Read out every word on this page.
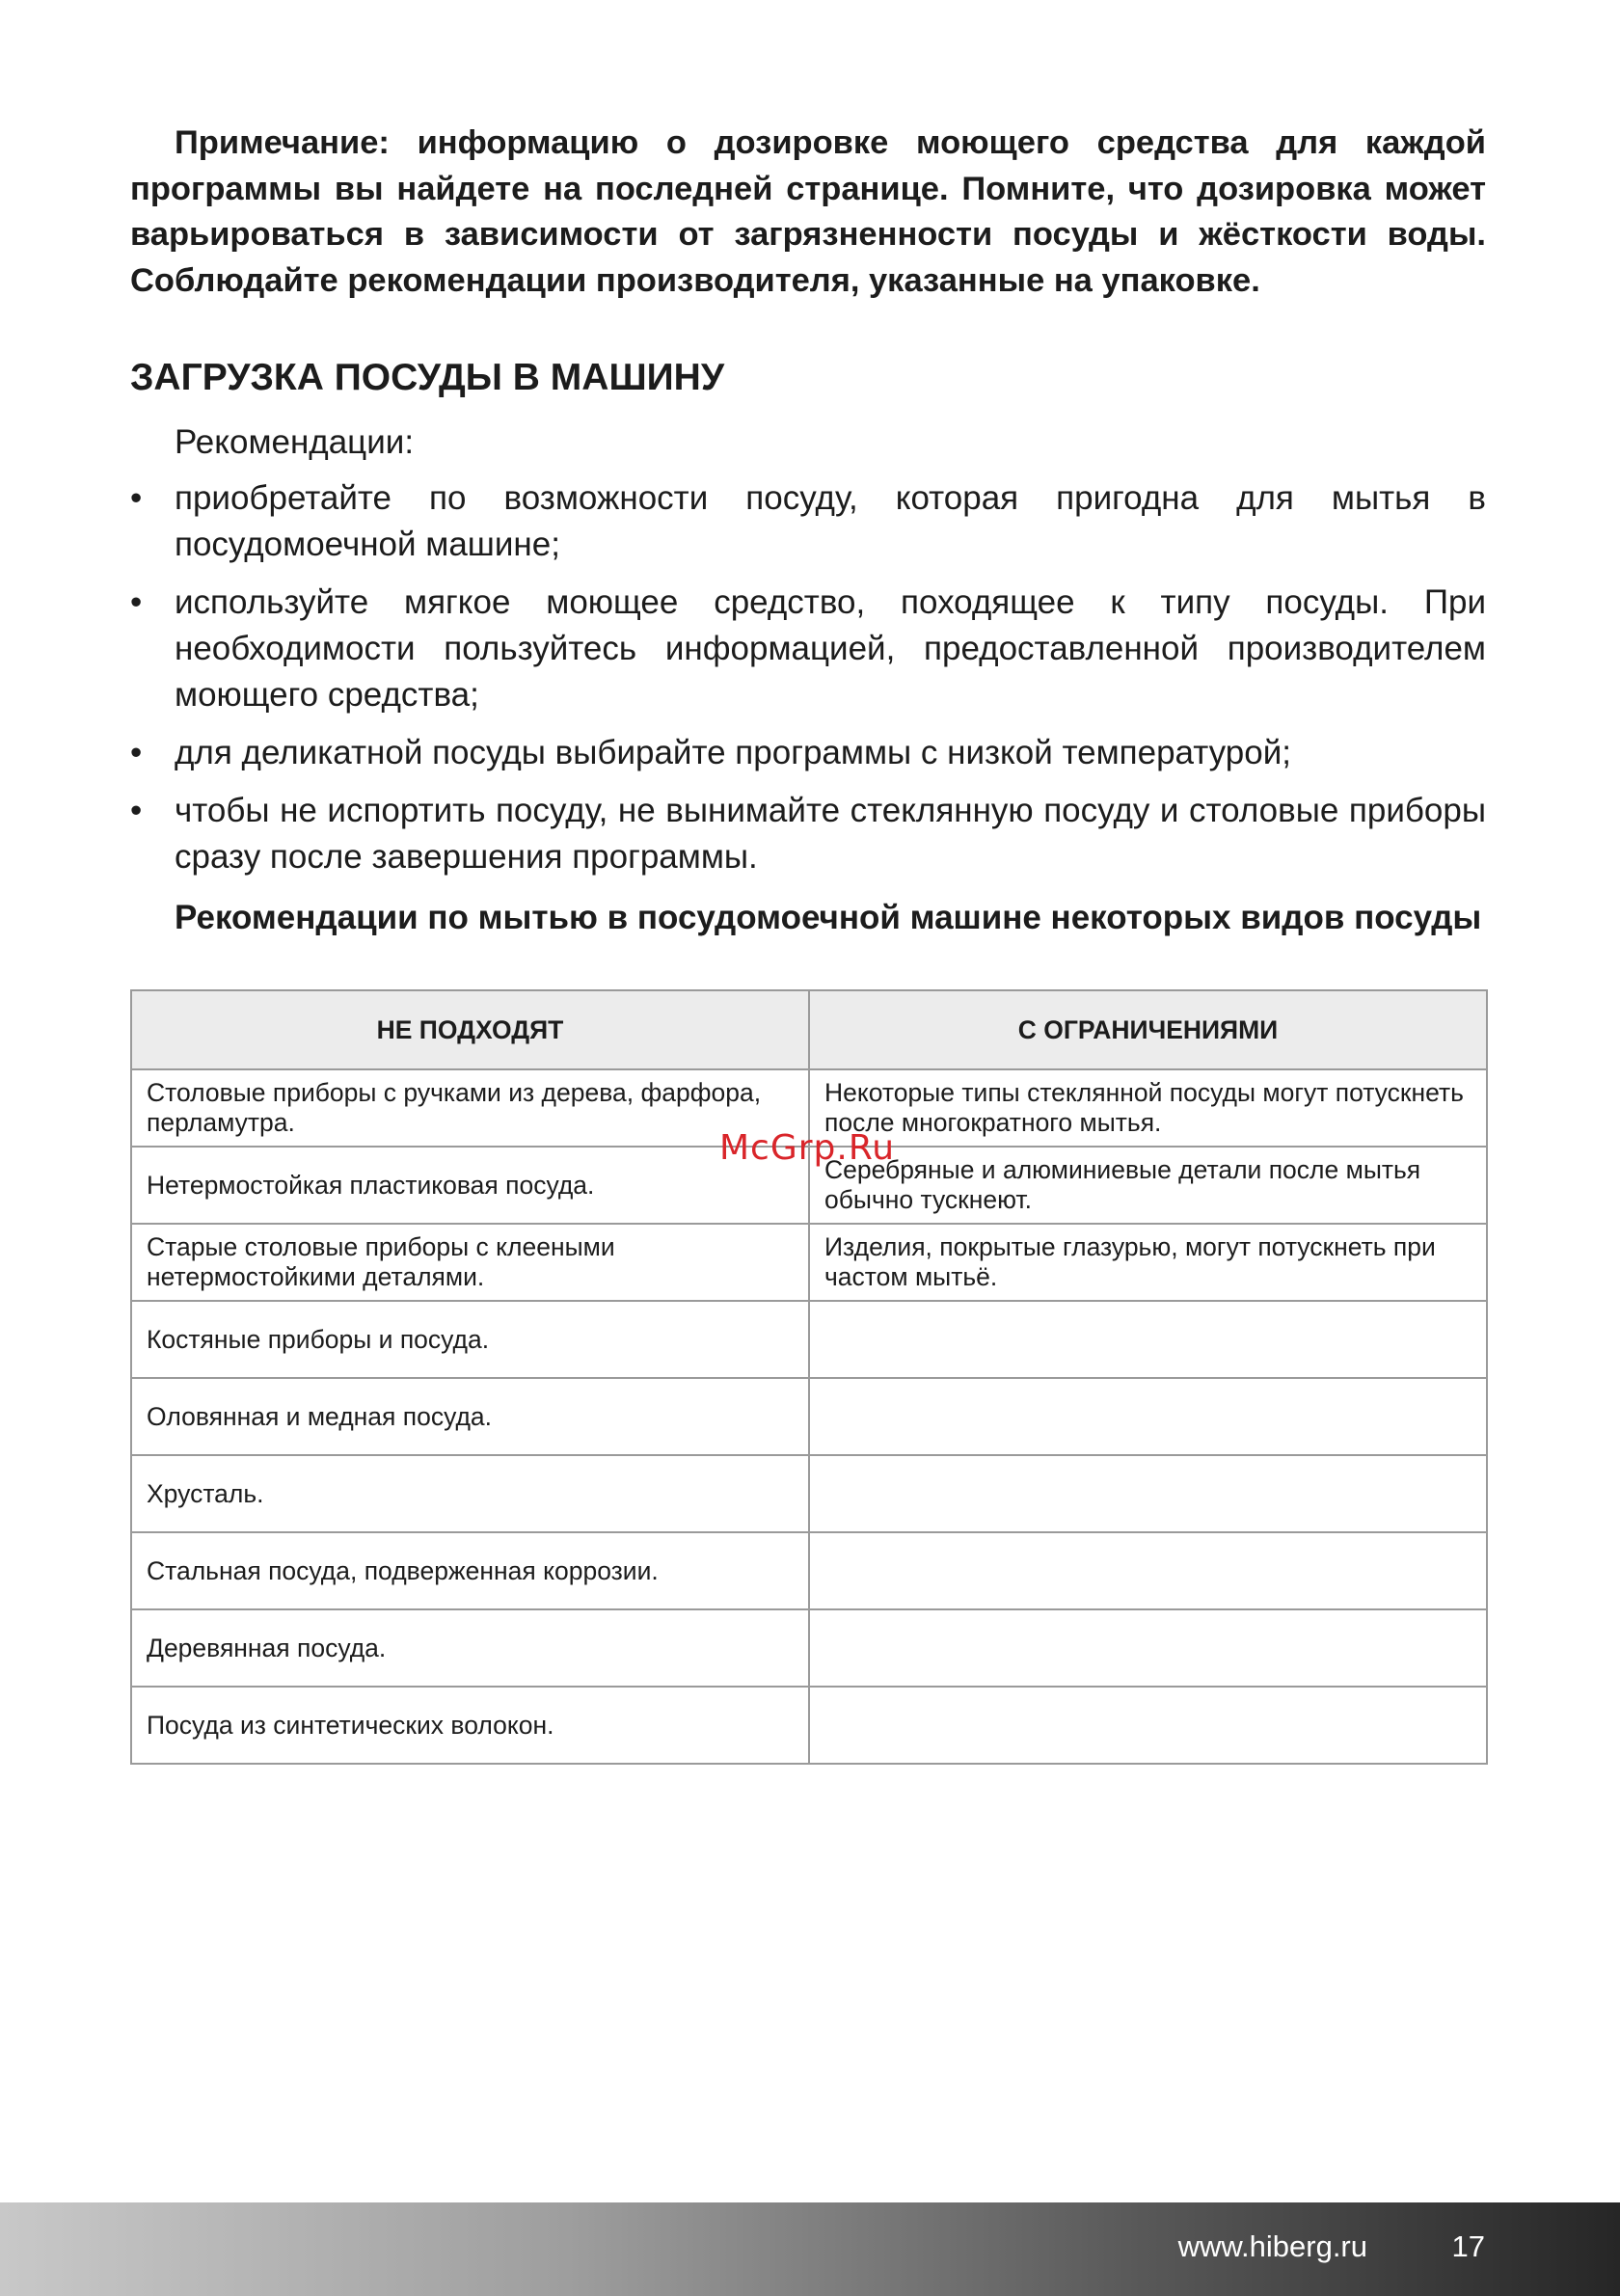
Примечание: информацию о дозировке моющего средства для каждой программы вы найдете на последней странице. Помните, что дозировка может варьироваться в зависимости от загрязненности посуды и жёсткости воды. Соблюдайте рекомендации производителя, указанные на упаковке.

ЗАГРУЗКА ПОСУДЫ В МАШИНУ
Рекомендации:
• приобретайте по возможности посуду, которая пригодна для мытья в посудомоечной машине;
• используйте мягкое моющее средство, походящее к типу посуды. При необходимости пользуйтесь информацией, предоставленной производителем моющего средства;
• для деликатной посуды выбирайте программы с низкой температурой;
• чтобы не испортить посуду, не вынимайте стеклянную посуду и столовые приборы сразу после завершения программы.

Рекомендации по мытью в посудомоечной машине некоторых видов посуды

НЕ ПОДХОДЯТ	С ОГРАНИЧЕНИЯМИ
Столовые приборы с ручками из дерева, фарфора, перламутра.	Некоторые типы стеклянной посуды могут потускнеть после многократного мытья.
Нетермостойкая пластиковая посуда.	Серебряные и алюминиевые детали после мытья обычно тускнеют.
Старые столовые приборы с клееными нетермостойкими деталями.	Изделия, покрытые глазурью, могут потускнеть при частом мытьё.
Костяные приборы и посуда.	
Оловянная и медная посуда.	
Хрусталь.	
Стальная посуда, подверженная коррозии.	
Деревянная посуда.	
Посуда из синтетических волокон.	
McGrp.Ru
www.hiberg.ru	17
